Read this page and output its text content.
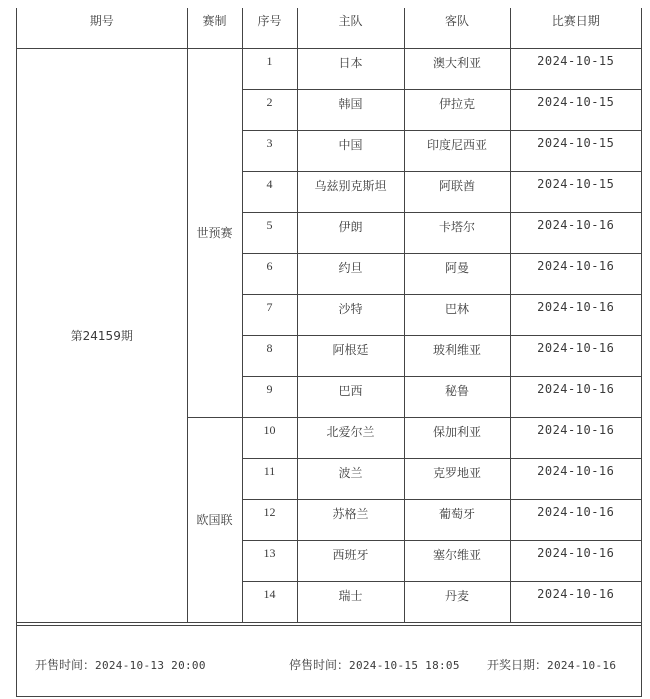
期号	赛制	序号	主队	客队	比赛日期
第24159期	世预赛	1	日本	澳大利亚	2024-10-15
		2	韩国	伊拉克	2024-10-15
		3	中国	印度尼西亚	2024-10-15
		4	乌兹别克斯坦	阿联酋	2024-10-15
		5	伊朗	卡塔尔	2024-10-16
		6	约旦	阿曼	2024-10-16
		7	沙特	巴林	2024-10-16
		8	阿根廷	玻利维亚	2024-10-16
		9	巴西	秘鲁	2024-10-16
	欧国联	10	北爱尔兰	保加利亚	2024-10-16
		11	波兰	克罗地亚	2024-10-16
		12	苏格兰	葡萄牙	2024-10-16
		13	西班牙	塞尔维亚	2024-10-16
		14	瑞士	丹麦	2024-10-16
开售时间：2024-10-13 20:00	停售时间：2024-10-15 18:05 开奖日期：2024-10-16
